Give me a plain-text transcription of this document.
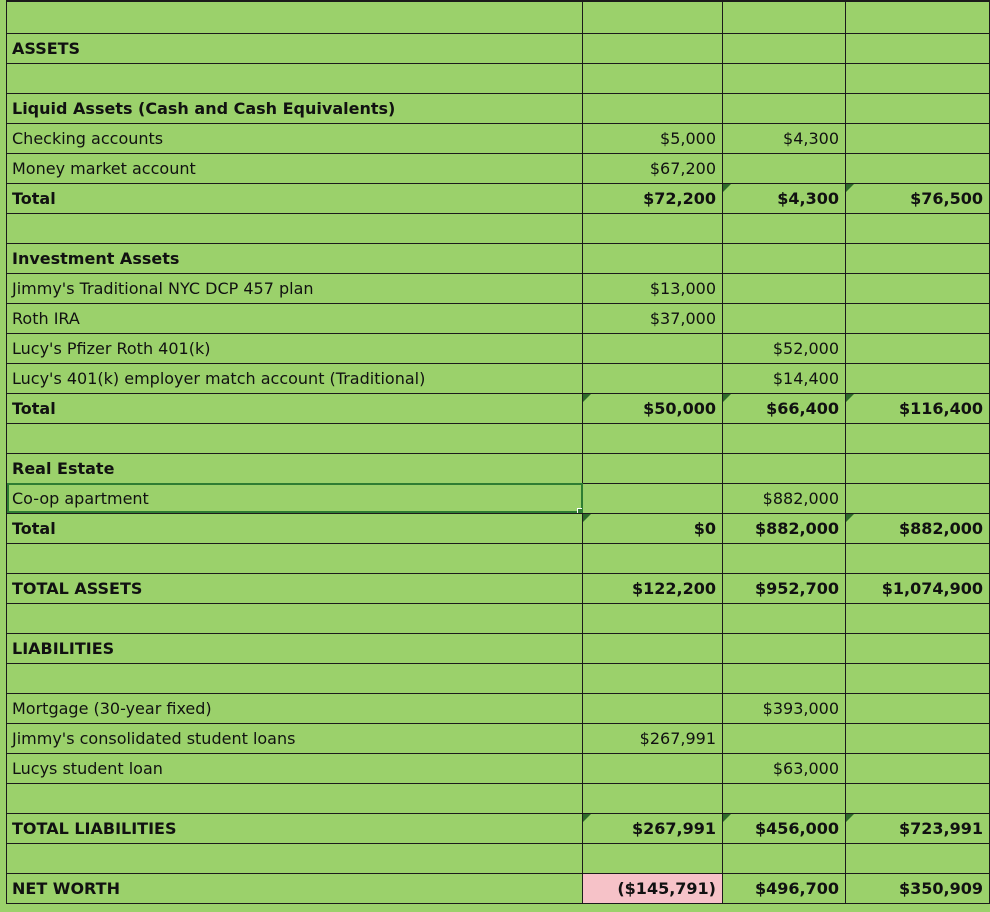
ASSETS			

Liquid Assets (Cash and Cash Equivalents)			
Checking accounts	$5,000	$4,300	
Money market account	$67,200		
Total	$72,200	$4,300	$76,500

Investment Assets			
Jimmy's Traditional NYC DCP 457 plan	$13,000		
Roth IRA	$37,000		
Lucy's Pfizer Roth 401(k)		$52,000	
Lucy's 401(k) employer match account (Traditional)		$14,400	
Total	$50,000	$66,400	$116,400

Real Estate			
Co-op apartment		$882,000	
Total	$0	$882,000	$882,000

TOTAL ASSETS	$122,200	$952,700	$1,074,900

LIABILITIES			

Mortgage (30-year fixed)		$393,000	
Jimmy's consolidated student loans	$267,991		
Lucys student loan		$63,000	

TOTAL LIABILITIES	$267,991	$456,000	$723,991

NET WORTH	($145,791)	$496,700	$350,909
